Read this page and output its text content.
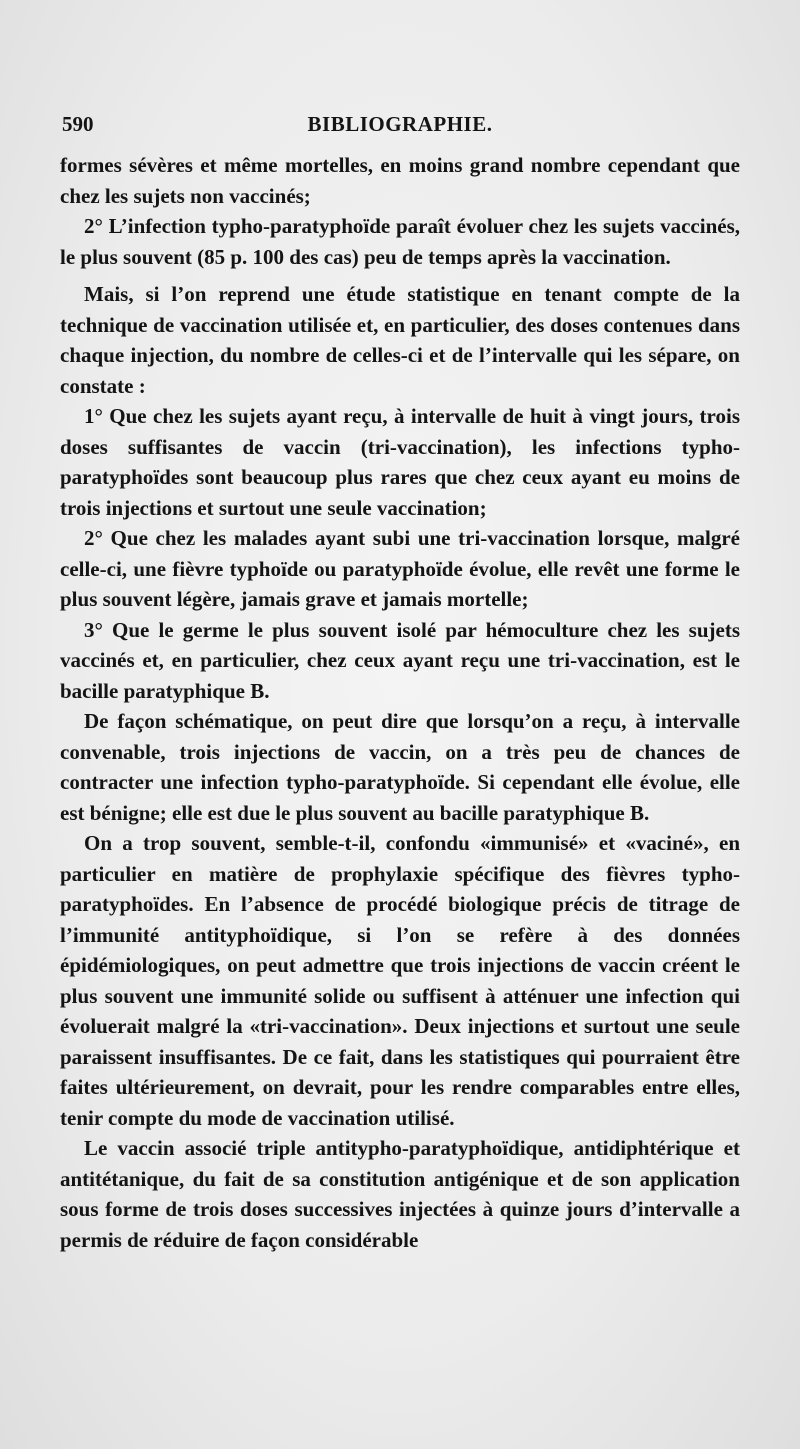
590	BIBLIOGRAPHIE.

formes sévères et même mortelles, en moins grand nombre cependant que chez les sujets non vaccinés;

2° L’infection typho-paratyphoïde paraît évoluer chez les sujets vaccinés, le plus souvent (85 p. 100 des cas) peu de temps après la vaccination.

Mais, si l’on reprend une étude statistique en tenant compte de la technique de vaccination utilisée et, en particulier, des doses contenues dans chaque injection, du nombre de celles-ci et de l’intervalle qui les sépare, on constate :

1° Que chez les sujets ayant reçu, à intervalle de huit à vingt jours, trois doses suffisantes de vaccin (tri-vaccination), les infections typho-paratyphoïdes sont beaucoup plus rares que chez ceux ayant eu moins de trois injections et surtout une seule vaccination;

2° Que chez les malades ayant subi une tri-vaccination lorsque, malgré celle-ci, une fièvre typhoïde ou paratyphoïde évolue, elle revêt une forme le plus souvent légère, jamais grave et jamais mortelle;

3° Que le germe le plus souvent isolé par hémoculture chez les sujets vaccinés et, en particulier, chez ceux ayant reçu une tri-vaccination, est le bacille paratyphique B.

De façon schématique, on peut dire que lorsqu’on a reçu, à intervalle convenable, trois injections de vaccin, on a très peu de chances de contracter une infection typho-paratyphoïde. Si cependant elle évolue, elle est bénigne; elle est due le plus souvent au bacille paratyphique B.

On a trop souvent, semble-t-il, confondu «immunisé» et «vaciné», en particulier en matière de prophylaxie spécifique des fièvres typho-paratyphoïdes. En l’absence de procédé biologique précis de titrage de l’immunité antityphoïdique, si l’on se refère à des données épidémiologiques, on peut admettre que trois injections de vaccin créent le plus souvent une immunité solide ou suffisent à atténuer une infection qui évoluerait malgré la «tri-vaccination». Deux injections et surtout une seule paraissent insuffisantes. De ce fait, dans les statistiques qui pourraient être faites ultérieurement, on devrait, pour les rendre comparables entre elles, tenir compte du mode de vaccination utilisé.

Le vaccin associé triple antitypho-paratyphoïdique, antidiphtérique et antitétanique, du fait de sa constitution antigénique et de son application sous forme de trois doses successives injectées à quinze jours d’intervalle a permis de réduire de façon considérable
